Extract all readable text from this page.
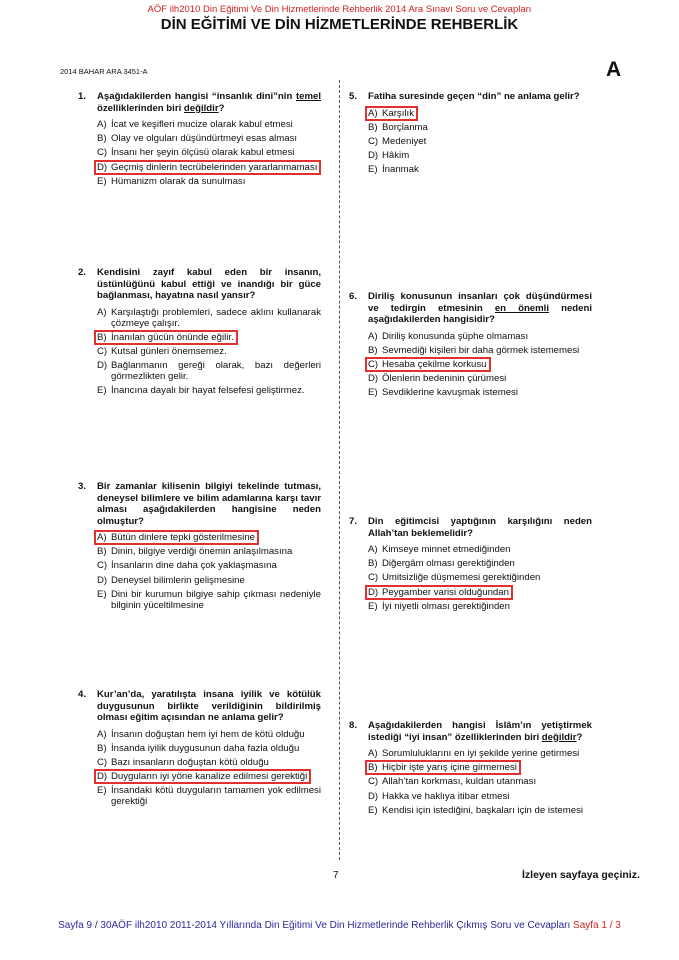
AÖF ilh2010 Din Eğitimi Ve Din Hizmetlerinde Rehberlik 2014 Ara Sınavı Soru ve Cevapları
DİN EĞİTİMİ VE DİN HİZMETLERİNDE REHBERLİK
2014 BAHAR ARA 3451-A	A
1.	Aşağıdakilerden hangisi “insanlık dini”nin temel özelliklerinden biri değildir?
A) İcat ve keşifleri mucize olarak kabul etmesi
B) Olay ve olguları düşündürtmeyi esas alması
C) İnsanı her şeyin ölçüsü olarak kabul etmesi
D) Geçmiş dinlerin tecrübelerinden yararlanmaması
E) Hümanizm olarak da sunulması
2.	Kendisini zayıf kabul eden bir insanın, üstünlüğünü kabul ettiği ve inandığı bir güce bağlanması, hayatına nasıl yansır?
A) Karşılaştığı problemleri, sadece aklını kullanarak çözmeye çalışır.
B) İnanılan gücün önünde eğilir.
C) Kutsal günleri önemsemez.
D) Bağlanmanın gereği olarak, bazı değerleri görmezlikten gelir.
E) İnancına dayalı bir hayat felsefesi geliştirmez.
3.	Bir zamanlar kilisenin bilgiyi tekelinde tutması, deneysel bilimlere ve bilim adamlarına karşı tavır alması aşağıdakilerden hangisine neden olmuştur?
A) Bütün dinlere tepki gösterilmesine
B) Dinin, bilgiye verdiği önemin anlaşılmasına
C) İnsanların dine daha çok yaklaşmasına
D) Deneysel bilimlerin gelişmesine
E) Dini bir kurumun bilgiye sahip çıkması nedeniyle bilginin yüceltilmesine
4.	Kur’an’da, yaratılışta insana iyilik ve kötülük duygusunun birlikte verildiğinin bildirilmiş olması eğitim açısından ne anlama gelir?
A) İnsanın doğuştan hem iyi hem de kötü olduğu
B) İnsanda iyilik duygusunun daha fazla olduğu
C) Bazı insanların doğuştan kötü olduğu
D) Duyguların iyi yöne kanalize edilmesi gerektiği
E) İnsandaki kötü duyguların tamamen yok edilmesi gerektiği
5.	Fatiha suresinde geçen “din” ne anlama gelir?
A) Karşılık
B) Borçlanma
C) Medeniyet
D) Hâkim
E) İnanmak
6.	Diriliş konusunun insanları çok düşündürmesi ve tedirgin etmesinin en önemli nedeni aşağıdakilerden hangisidir?
A) Diriliş konusunda şüphe olmaması
B) Sevmediği kişileri bir daha görmek istememesi
C) Hesaba çekilme korkusu
D) Ölenlerin bedeninin çürümesi
E) Sevdiklerine kavuşmak istemesi
7.	Din eğitimcisi yaptığının karşılığını neden Allah’tan beklemelidir?
A) Kimseye minnet etmediğinden
B) Diğergâm olması gerektiğinden
C) Umitsizliğe düşmemesi gerektiğinden
D) Peygamber varisi olduğundan
E) İyi niyetli olması gerektiğinden
8.	Aşağıdakilerden hangisi İslâm’ın yetiştirmek istediği “iyi insan” özelliklerinden biri değildir?
A) Sorumluluklarını en iyi şekilde yerine getirmesi
B) Hiçbir işte yarış içine girmemesi
C) Allah’tan korkması, kuldan utanması
D) Hakka ve haklıya itibar etmesi
E) Kendisi için istediğini, başkaları için de istemesi
7	İzleyen sayfaya geçiniz.
Sayfa 9 / 30AÖF ilh2010 2011-2014 Yıllarında Din Eğitimi Ve Din Hizmetlerinde Rehberlik Çıkmış Soru ve Cevapları Sayfa 1 / 3
